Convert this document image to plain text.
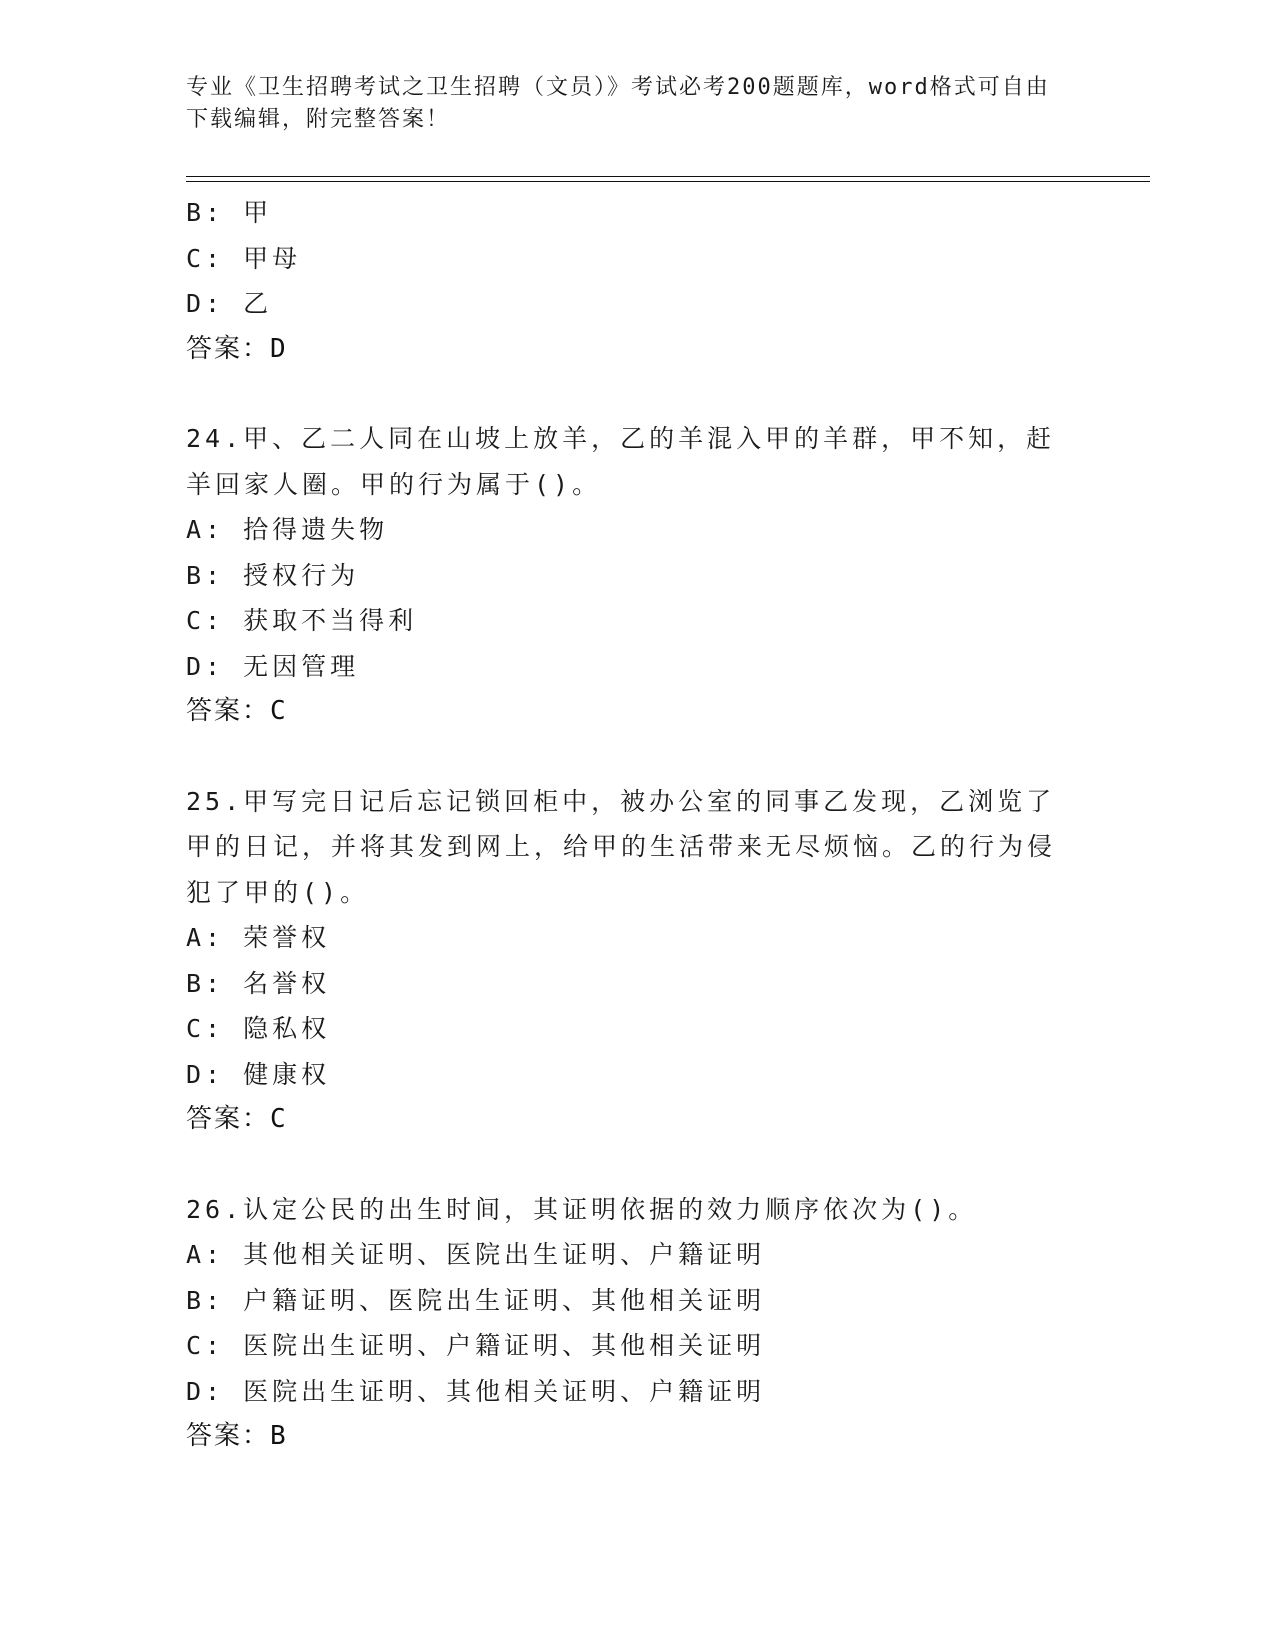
专业《卫生招聘考试之卫生招聘（文员）》考试必考200题题库，word格式可自由下载编辑，附完整答案！
B: 甲
C: 甲母
D: 乙
答案：D
24.甲、乙二人同在山坡上放羊，乙的羊混入甲的羊群，甲不知，赶羊回家人圈。甲的行为属于()。
A: 拾得遗失物
B: 授权行为
C: 获取不当得利
D: 无因管理
答案：C
25.甲写完日记后忘记锁回柜中，被办公室的同事乙发现，乙浏览了甲的日记，并将其发到网上，给甲的生活带来无尽烦恼。乙的行为侵犯了甲的()。
A: 荣誉权
B: 名誉权
C: 隐私权
D: 健康权
答案：C
26.认定公民的出生时间，其证明依据的效力顺序依次为()。
A: 其他相关证明、医院出生证明、户籍证明
B: 户籍证明、医院出生证明、其他相关证明
C: 医院出生证明、户籍证明、其他相关证明
D: 医院出生证明、其他相关证明、户籍证明
答案：B
